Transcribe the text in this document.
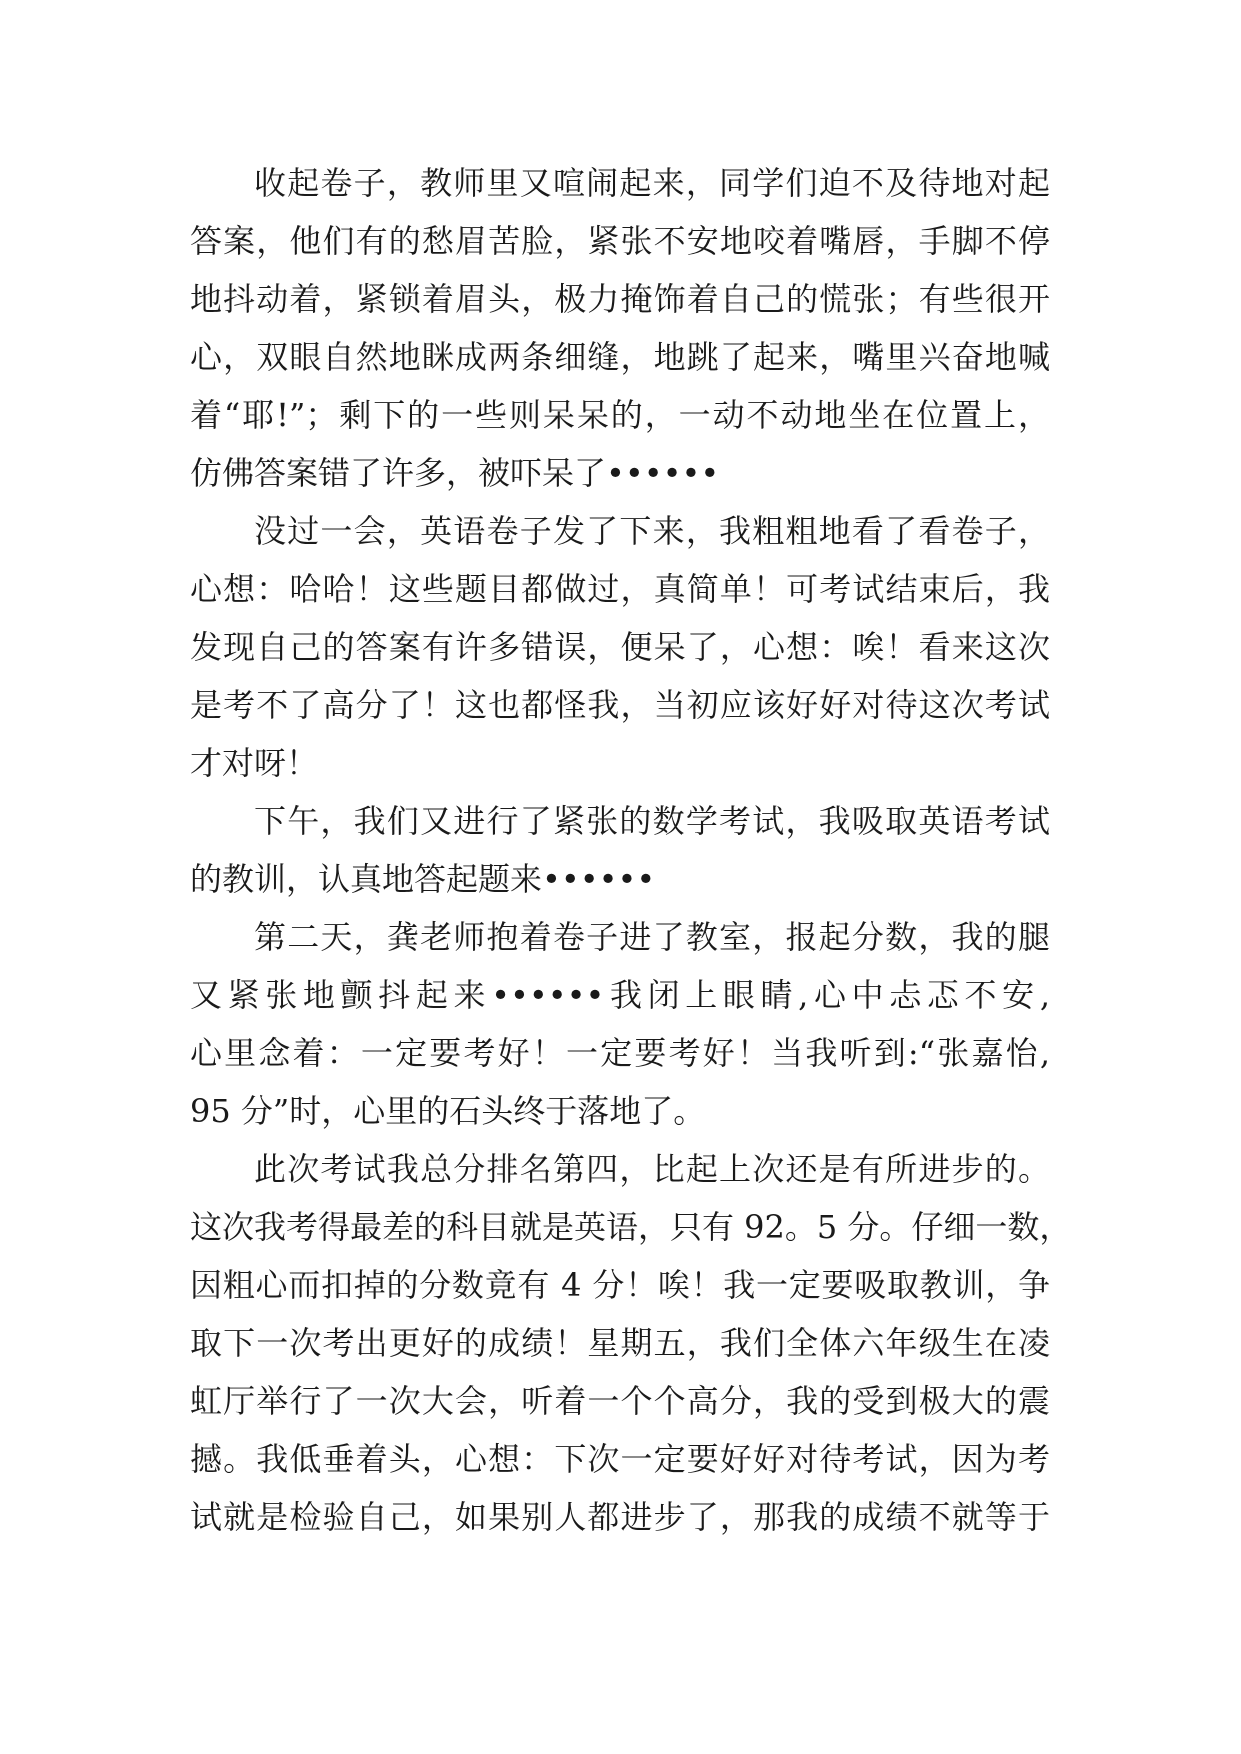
收起卷子，教师里又喧闹起来，同学们迫不及待地对起
答案，他们有的愁眉苦脸，紧张不安地咬着嘴唇，手脚不停
地抖动着，紧锁着眉头，极力掩饰着自己的慌张；有些很开
心，双眼自然地眯成两条细缝，地跳了起来，嘴里兴奋地喊
着“耶!”；剩下的一些则呆呆的，一动不动地坐在位置上，
仿佛答案错了许多，被吓呆了••••••
没过一会，英语卷子发了下来，我粗粗地看了看卷子，
心想：哈哈！这些题目都做过，真简单！可考试结束后，我
发现自己的答案有许多错误，便呆了，心想：唉！看来这次
是考不了高分了！这也都怪我，当初应该好好对待这次考试
才对呀！
下午，我们又进行了紧张的数学考试，我吸取英语考试
的教训，认真地答起题来••••••
第二天，龚老师抱着卷子进了教室，报起分数，我的腿
又紧张地颤抖起来••••••我闭上眼睛,心中忐忑不安,
心里念着：一定要考好！一定要考好！当我听到:“张嘉怡,
95 分”时，心里的石头终于落地了。
此次考试我总分排名第四，比起上次还是有所进步的。
这次我考得最差的科目就是英语，只有 92。5 分。仔细一数，
因粗心而扣掉的分数竟有 4 分！唉！我一定要吸取教训，争
取下一次考出更好的成绩！星期五，我们全体六年级生在凌
虹厅举行了一次大会，听着一个个高分，我的受到极大的震
撼。我低垂着头，心想：下次一定要好好对待考试，因为考
试就是检验自己，如果别人都进步了，那我的成绩不就等于
